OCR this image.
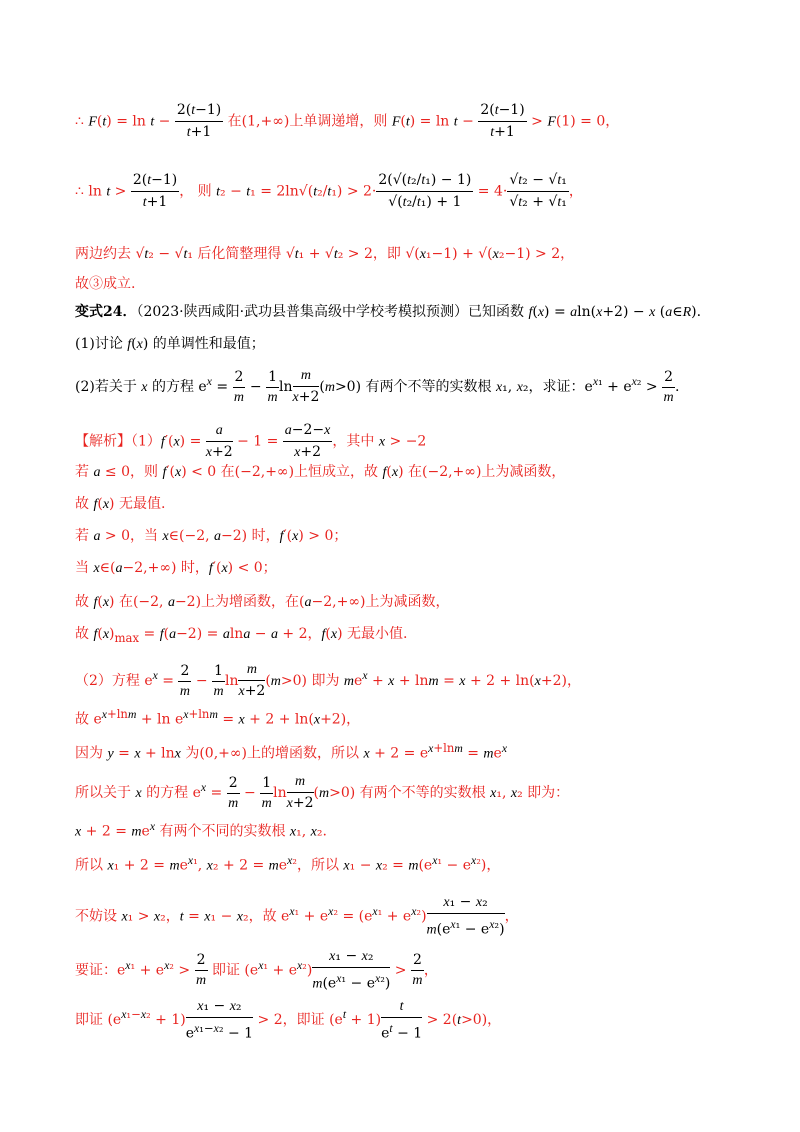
∴ $F(t) = \ln t - \frac{2(t-1)}{t+1}$ 在(1,+∞)上单调递增，则 $F(t) = \ln t - \frac{2(t-1)}{t+1} > F(1) = 0$，
∴ $\ln t > \frac{2(t-1)}{t+1}$ ， 则 $t_2 - t_1 = 2\ln√(t_2/t_1) > 2\cdot \frac{\text{2(√(t₂/t₁) − 1)}}{\text{√(t₂/t₁) + 1}} = 4\cdot \frac{\text{√t₂ − √t₁}}{\text{√t₂ + √t₁}}$ ，
两边约去 √t₂ − √t₁ 后化简整理得 √t₁ + √t₂ > 2，即 √(x₁−1) + √(x₂−1) > 2，
故③成立.
变式24．（2023·陕西咸阳·武功县普集高级中学校考模拟预测）已知函数 f(x) = aln(x+2) − x (a∈R).
(1)讨论 f(x) 的单调性和最值；
(2)若关于 x 的方程 $e^x = \frac{2}{m} - \frac{1}{m}$ $\ln \frac{m}{x+2} (m>0)$ 有两个不等的实数根 x₁, x₂，求证：$e^{x_1} + e^{x_2} > \frac{2}{m}$ .
【解析】$(1)f'(x) = \frac{a}{x+2} - 1 = \frac{a-2-x}{x+2}$ ，其中 x > −2
若 a ≤ 0，则 f′(x) < 0 在(−2,+∞)上恒成立，故 f(x) 在(−2,+∞)上为减函数，
故 f(x) 无最值.
若 a > 0，当 x∈(−2, a−2) 时，f′(x) > 0；
当 x∈(a−2,+∞) 时，f′(x) < 0；
故 f(x) 在(−2, a−2)上为增函数，在(a−2,+∞)上为减函数，
故 $f(x)_{max} = f(a-2) = alna - a + 2$，f(x) 无最小值.
（2）方程 $e^x = \frac{2}{m} - \frac{1}{m}$ $\ln \frac{m}{x+2} (m>0)$ 即为 $me^x + x + \ln m = x + 2 + \ln(x+2)$，
故 $e^{x+lnm} + \ln e^{x+lnm} = x + 2 + \ln(x+2)$，
因为 y = x + lnx 为(0,+∞)上的增函数，所以 $x + 2 = e^{x+lnm} = me^x$
所以关于 x 的方程 $e^x = \frac{2}{m} - \frac{1}{m}$ $\ln \frac{m}{x+2} (m>0)$ 有两个不等的实数根 x₁, x₂ 即为：
$x + 2 = me^x$ 有两个不同的实数根 x₁, x₂.
所以 $x_1 + 2 = me^{x_1}$, $x_2 + 2 = me^{x_2}$，所以 $x_1 - x_2 = m(e^{x_1} - e^{x_2})$，
不妨设 x₁ > x₂，t = x₁ − x₂，故 $e^{x_1} + e^{x_2} = (e^{x_1} + e^{x_2}) \frac{\text{x₁ − x₂}}{m(e^{x_1} - e^{x_2})}$ ，
要证：$e^{x_1} + e^{x_2} > \frac{2}{m}$ 即证 $(e^{x_1} + e^{x_2}) \frac{\text{x₁ − x₂}}{m(e^{x_1} - e^{x_2})} > \frac{2}{m}$ ，
即证 $(e^{x_1-x_2} + 1) \frac{\text{x₁ − x₂}}{e^{x_1-x_2} - 1} > 2$，即证 $(e^t + 1) \frac{t}{e^t - 1} > 2(t>0)$，
